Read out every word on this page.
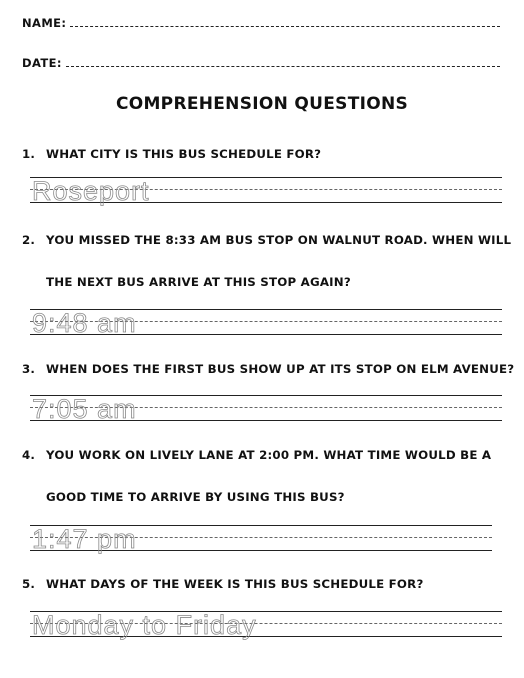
NAME:
DATE:
COMPREHENSION QUESTIONS
1. WHAT CITY IS THIS BUS SCHEDULE FOR?
Roseport
2. YOU MISSED THE 8:33 AM BUS STOP ON WALNUT ROAD. WHEN WILL
THE NEXT BUS ARRIVE AT THIS STOP AGAIN?
9:48 am
3. WHEN DOES THE FIRST BUS SHOW UP AT ITS STOP ON ELM AVENUE?
7:05 am
4. YOU WORK ON LIVELY LANE AT 2:00 PM. WHAT TIME WOULD BE A
GOOD TIME TO ARRIVE BY USING THIS BUS?
1:47 pm
5. WHAT DAYS OF THE WEEK IS THIS BUS SCHEDULE FOR?
Monday to Friday
